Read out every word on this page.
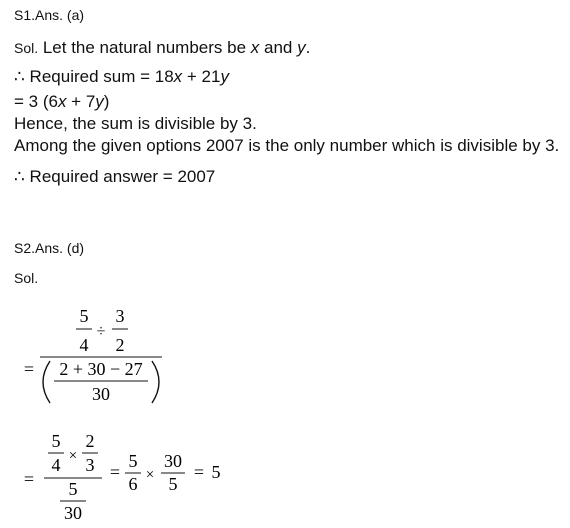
S1.Ans. (a)
Sol. Let the natural numbers be x and y.
∴ Required sum = 18x + 21y
= 3 (6x + 7y)
Hence, the sum is divisible by 3.
Among the given options 2007 is the only number which is divisible by 3.
∴ Required answer = 2007
S2.Ans. (d)
Sol.
5
4
÷
3
2
= 2 + 30 − 27
30
=
5
4 ×
2
3
5
30
=
5
6 ×
30
5
= 5
